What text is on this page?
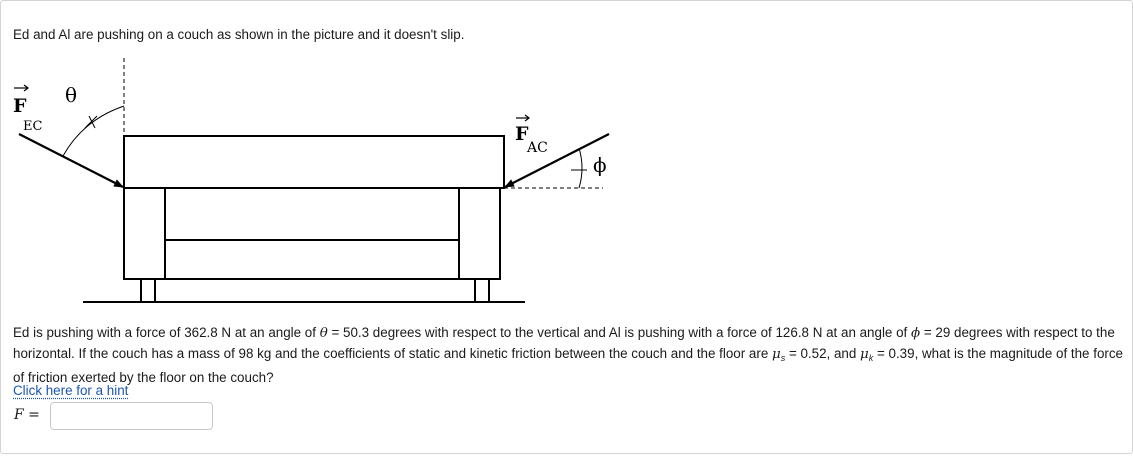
Ed and Al are pushing on a couch as shown in the picture and it doesn't slip.
F
EC
θ
F
AC
ϕ
Ed is pushing with a force of 362.8 N at an angle of θ = 50.3 degrees with respect to the vertical and Al is pushing with a force of 126.8 N at an angle of ϕ = 29 degrees with respect to the horizontal. If the couch has a mass of 98 kg and the coefficients of static and kinetic friction between the couch and the floor are $\mu_s = 0.52$, and $\mu_k = 0.39$, what is the magnitude of the force of friction exerted by the floor on the couch?
Click here for a hint
F =
